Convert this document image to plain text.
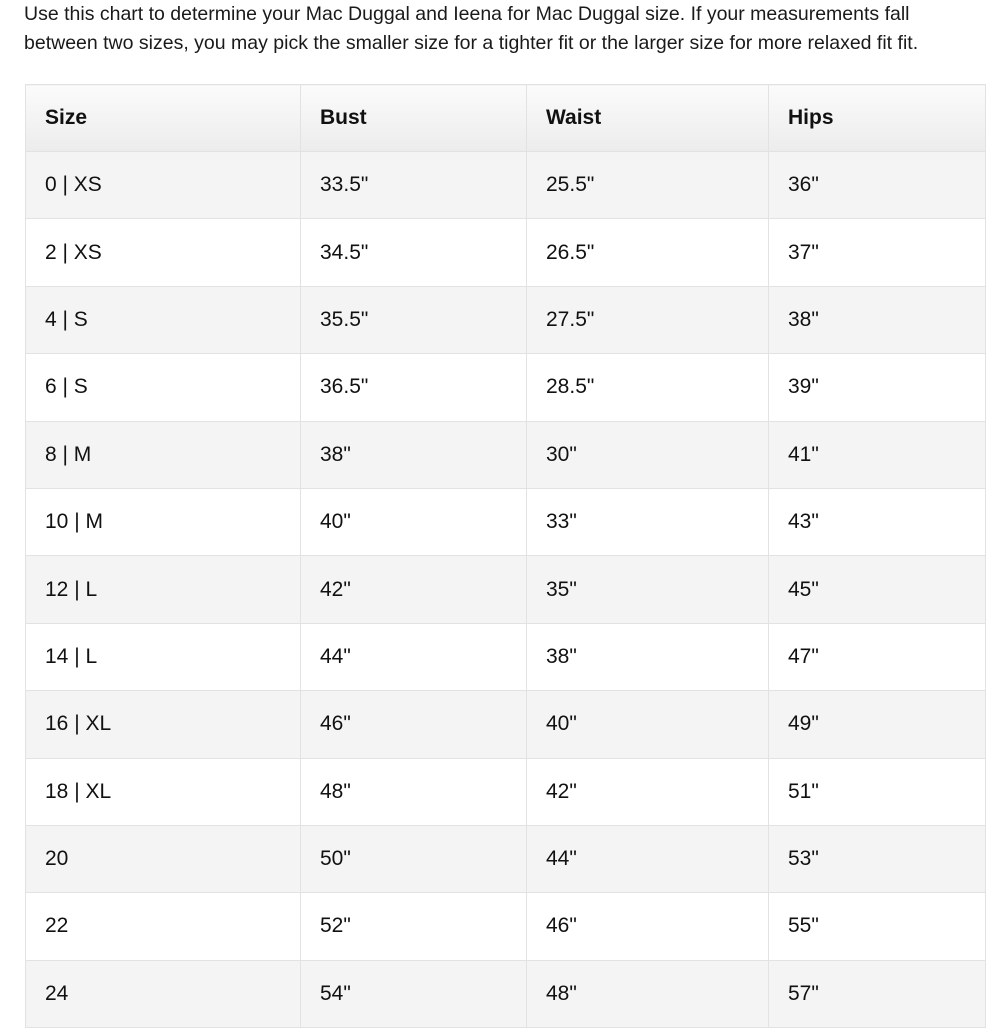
Use this chart to determine your Mac Duggal and Ieena for Mac Duggal size. If your measurements fall
between two sizes, you may pick the smaller size for a tighter fit or the larger size for more relaxed fit fit.

Size	Bust	Waist	Hips
0 | XS	33.5"	25.5"	36"
2 | XS	34.5"	26.5"	37"
4 | S	35.5"	27.5"	38"
6 | S	36.5"	28.5"	39"
8 | M	38"	30"	41"
10 | M	40"	33"	43"
12 | L	42"	35"	45"
14 | L	44"	38"	47"
16 | XL	46"	40"	49"
18 | XL	48"	42"	51"
20	50"	44"	53"
22	52"	46"	55"
24	54"	48"	57"
